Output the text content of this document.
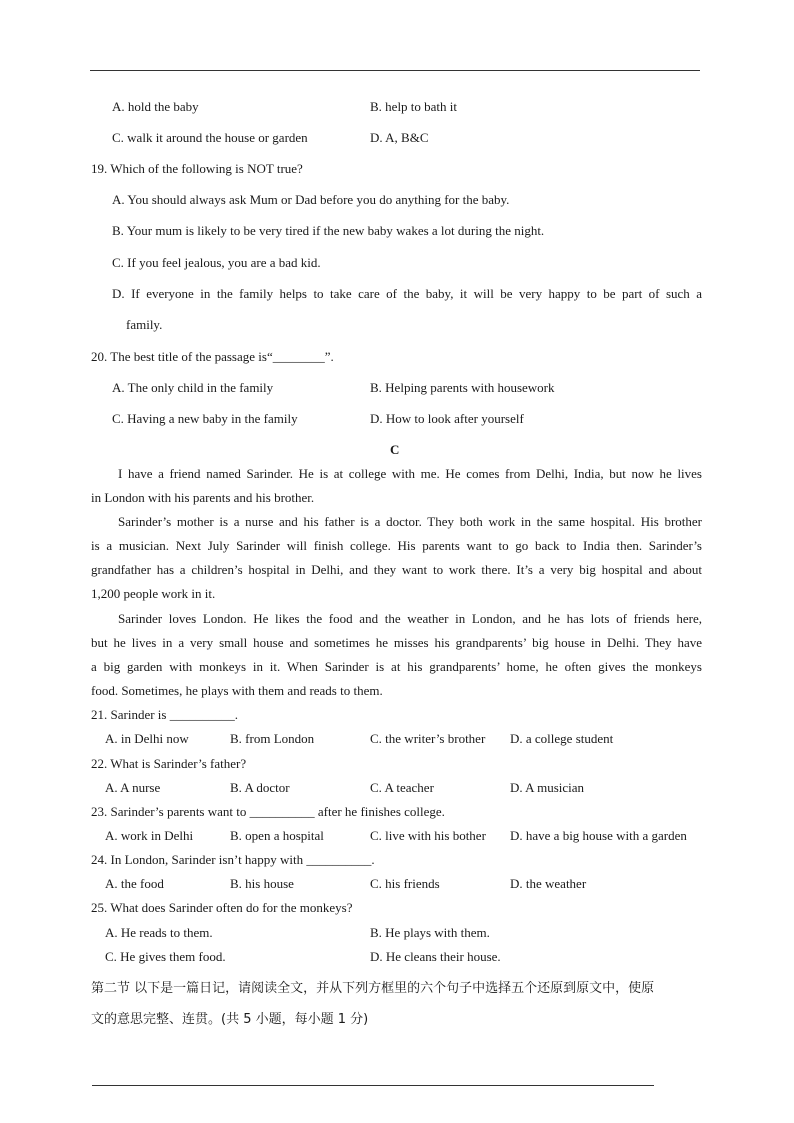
A. hold the baby	B. help to bath it
C. walk it around the house or garden	D. A, B&C
19. Which of the following is NOT true?
A. You should always ask Mum or Dad before you do anything for the baby.
B. Your mum is likely to be very tired if the new baby wakes a lot during the night.
C. If you feel jealous, you are a bad kid.
D. If everyone in the family helps to take care of the baby, it will be very happy to be part of such a
family.
20. The best title of the passage is“________”.
A. The only child in the family	B. Helping parents with housework
C. Having a new baby in the family	D. How to look after yourself
C
I have a friend named Sarinder. He is at college with me. He comes from Delhi, India, but now he lives
in London with his parents and his brother.
Sarinder’s mother is a nurse and his father is a doctor. They both work in the same hospital. His brother
is a musician. Next July Sarinder will finish college. His parents want to go back to India then. Sarinder’s
grandfather has a children’s hospital in Delhi, and they want to work there. It’s a very big hospital and about
1,200 people work in it.
Sarinder loves London. He likes the food and the weather in London, and he has lots of friends here,
but he lives in a very small house and sometimes he misses his grandparents’ big house in Delhi. They have
a big garden with monkeys in it. When Sarinder is at his grandparents’ home, he often gives the monkeys
food. Sometimes, he plays with them and reads to them.
21. Sarinder is __________.
A. in Delhi now	B. from London	C. the writer’s brother D. a college student
22. What is Sarinder’s father?
A. A nurse	B. A doctor	C. A teacher	D. A musician
23. Sarinder’s parents want to __________ after he finishes college.
A. work in Delhi	B. open a hospital	C. live with his bother D. have a big house with a garden
24. In London, Sarinder isn’t happy with __________.
A. the food	B. his house	C. his friends	D. the weather
25. What does Sarinder often do for the monkeys?
A. He reads to them.	B. He plays with them.
C. He gives them food.	D. He cleans their house.
第二节 以下是一篇日记，请阅读全文，并从下列方框里的六个句子中选择五个还原到原文中，使原
文的意思完整、连贯。(共 5 小题，每小题 1 分)
